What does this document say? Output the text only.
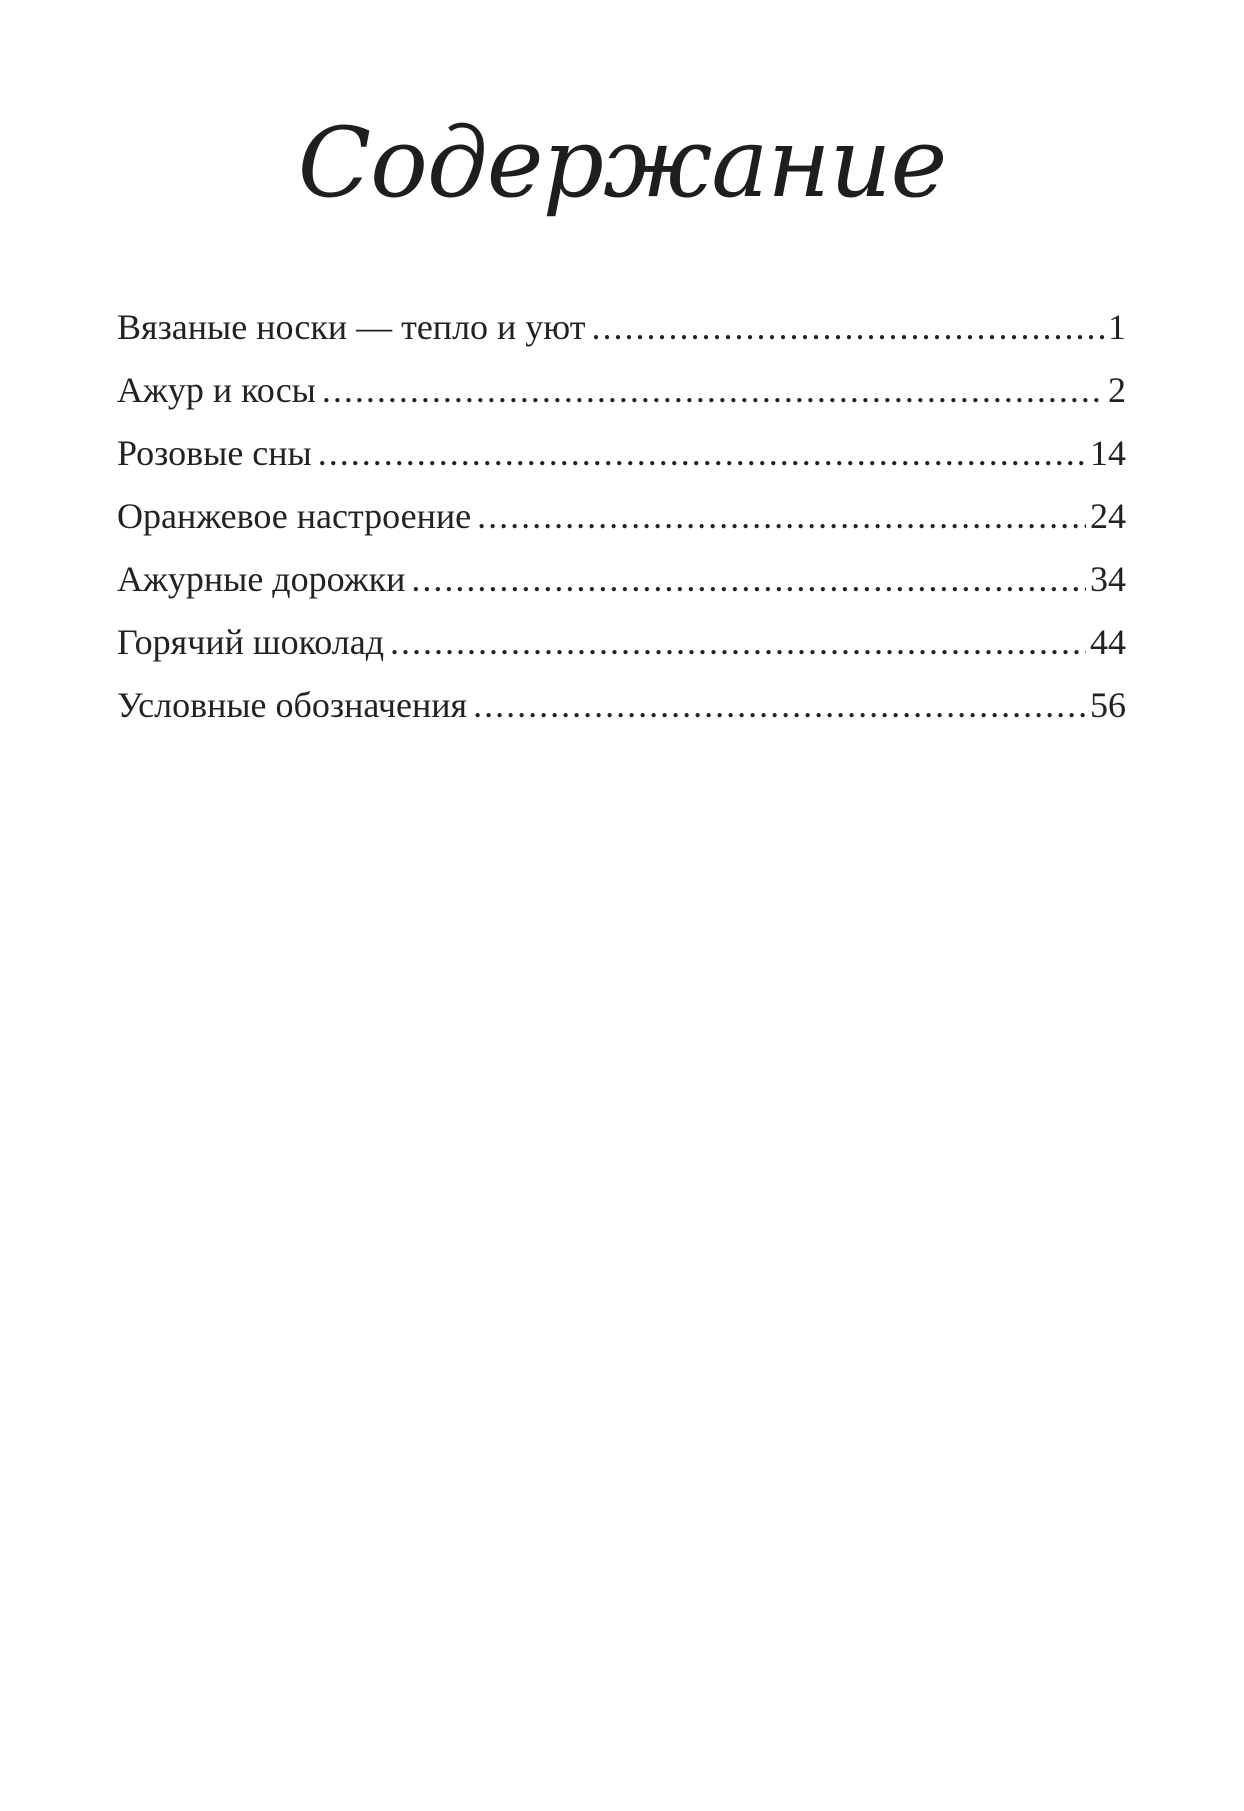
Содержание
Вязаные носки — тепло и уют .....	1
Ажур и косы .....	2
Розовые сны .....	14
Оранжевое настроение .....	24
Ажурные дорожки .....	34
Горячий шоколад .....	44
Условные обозначения .....	56
